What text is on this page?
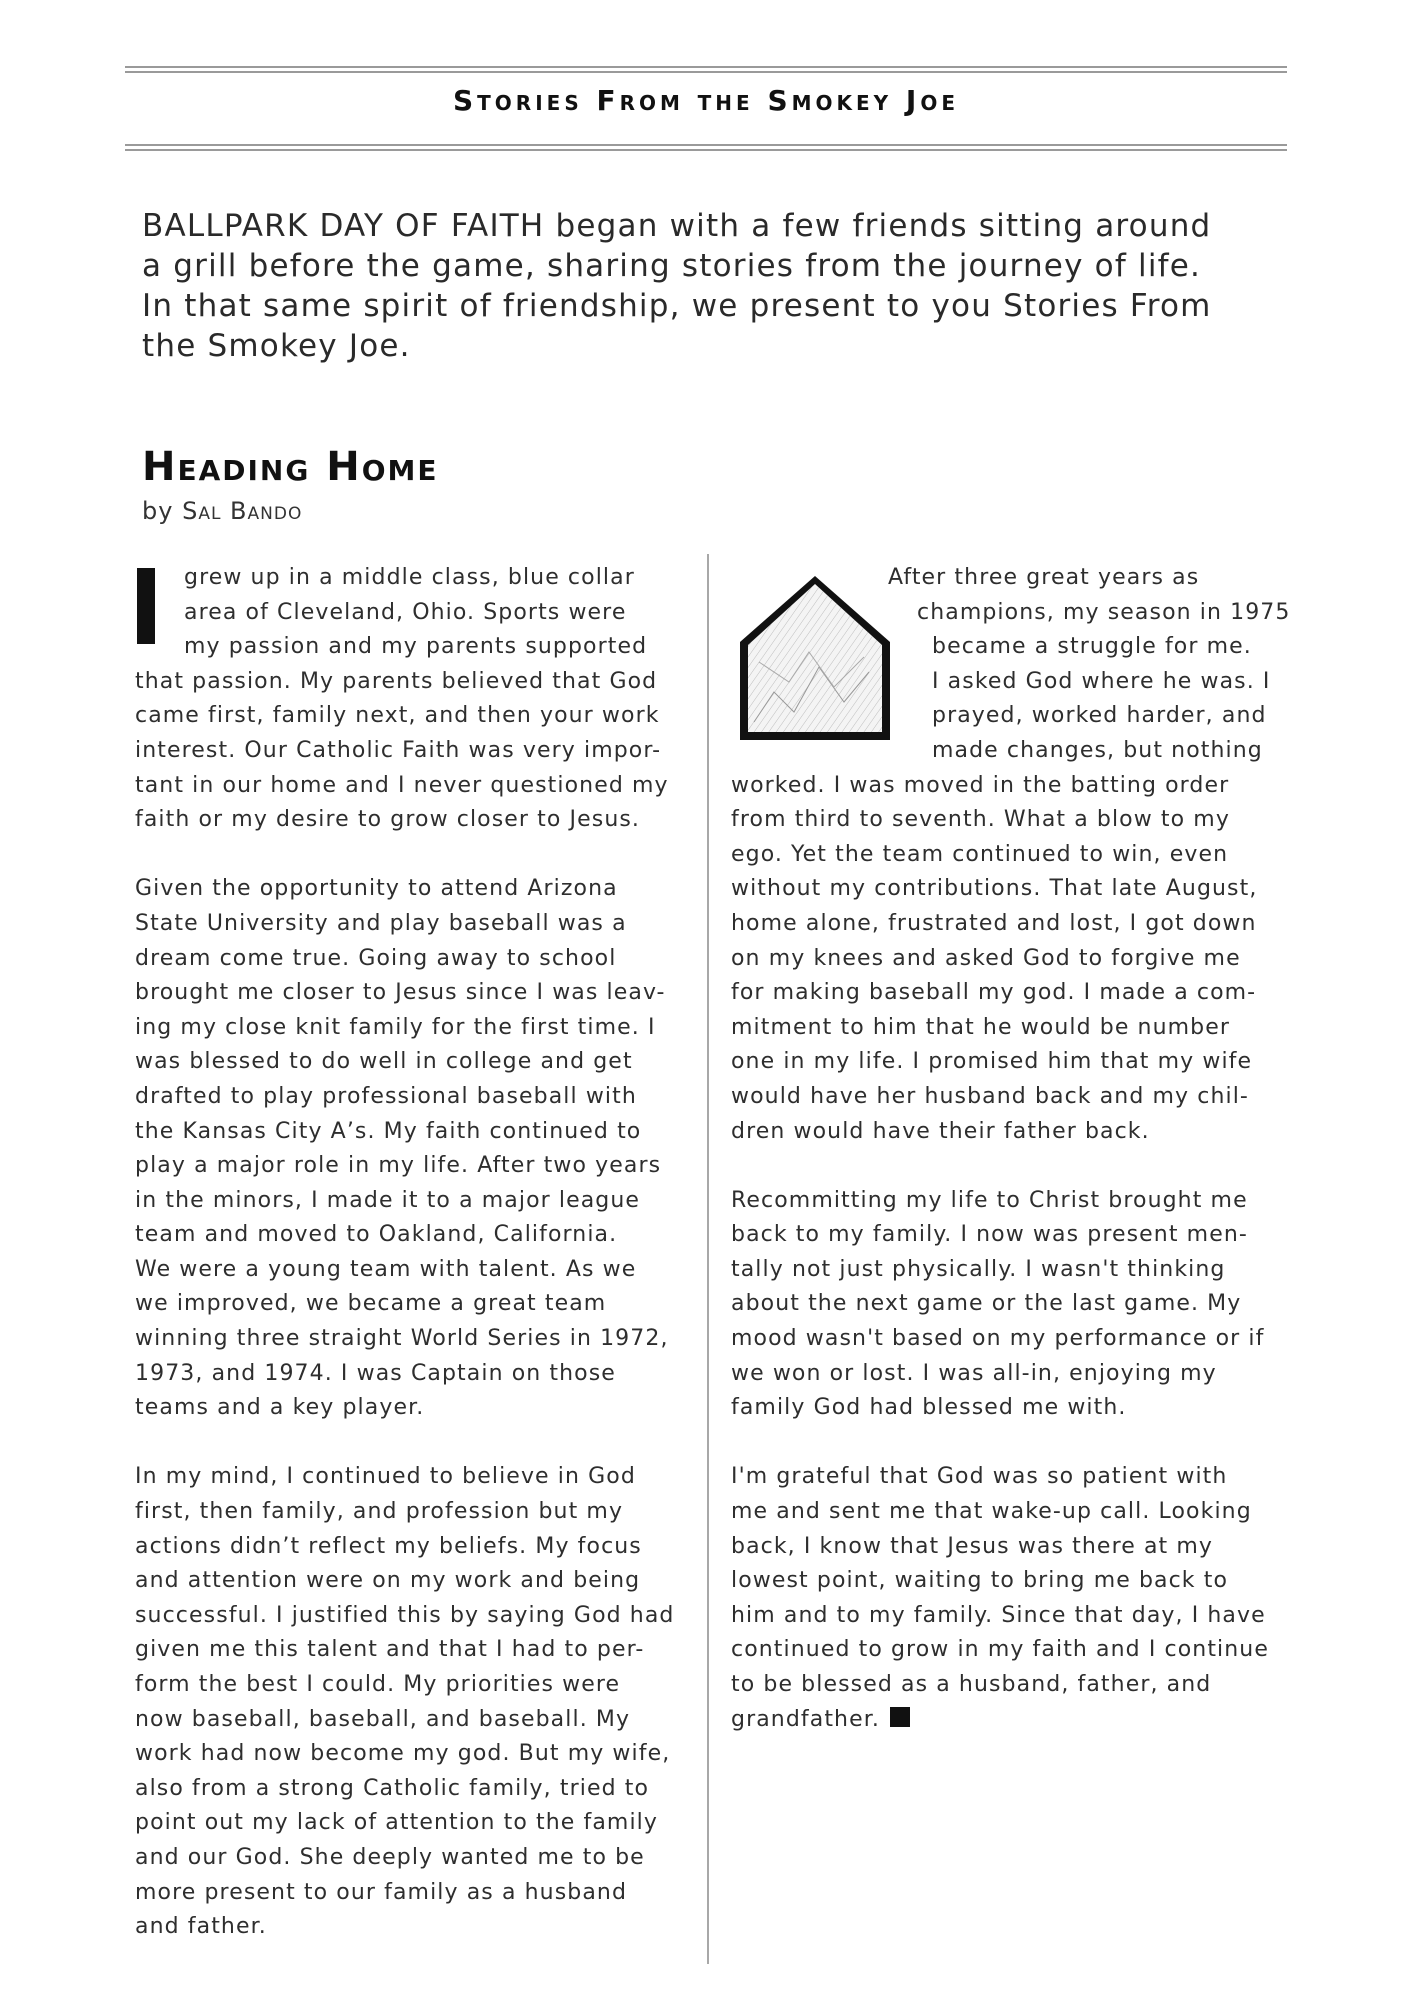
Stories From the Smokey Joe
BALLPARK DAY OF FAITH began with a few friends sitting around
a grill before the game, sharing stories from the journey of life.
In that same spirit of friendship, we present to you Stories From
the Smokey Joe.
Heading Home
by Sal Bando

grew up in a middle class, blue collar
area of Cleveland, Ohio. Sports were
my passion and my parents supported
that passion. My parents believed that God
came first, family next, and then your work
interest. Our Catholic Faith was very impor-
tant in our home and I never questioned my
faith or my desire to grow closer to Jesus.

Given the opportunity to attend Arizona
State University and play baseball was a
dream come true. Going away to school
brought me closer to Jesus since I was leav-
ing my close knit family for the first time. I
was blessed to do well in college and get
drafted to play professional baseball with
the Kansas City A’s. My faith continued to
play a major role in my life. After two years
in the minors, I made it to a major league
team and moved to Oakland, California.
We were a young team with talent. As we
we improved, we became a great team
winning three straight World Series in 1972,
1973, and 1974. I was Captain on those
teams and a key player.

In my mind, I continued to believe in God
first, then family, and profession but my
actions didn’t reflect my beliefs. My focus
and attention were on my work and being
successful. I justified this by saying God had
given me this talent and that I had to per-
form the best I could. My priorities were
now baseball, baseball, and baseball. My
work had now become my god. But my wife,
also from a strong Catholic family, tried to
point out my lack of attention to the family
and our God. She deeply wanted me to be
more present to our family as a husband
and father.

After three great years as
champions, my season in 1975
became a struggle for me.
I asked God where he was. I
prayed, worked harder, and
made changes, but nothing
worked. I was moved in the batting order
from third to seventh. What a blow to my
ego. Yet the team continued to win, even
without my contributions. That late August,
home alone, frustrated and lost, I got down
on my knees and asked God to forgive me
for making baseball my god. I made a com-
mitment to him that he would be number
one in my life. I promised him that my wife
would have her husband back and my chil-
dren would have their father back.

Recommitting my life to Christ brought me
back to my family. I now was present men-
tally not just physically. I wasn't thinking
about the next game or the last game. My
mood wasn't based on my performance or if
we won or lost. I was all-in, enjoying my
family God had blessed me with.

I'm grateful that God was so patient with
me and sent me that wake-up call. Looking
back, I know that Jesus was there at my
lowest point, waiting to bring me back to
him and to my family. Since that day, I have
continued to grow in my faith and I continue
to be blessed as a husband, father, and
grandfather.
